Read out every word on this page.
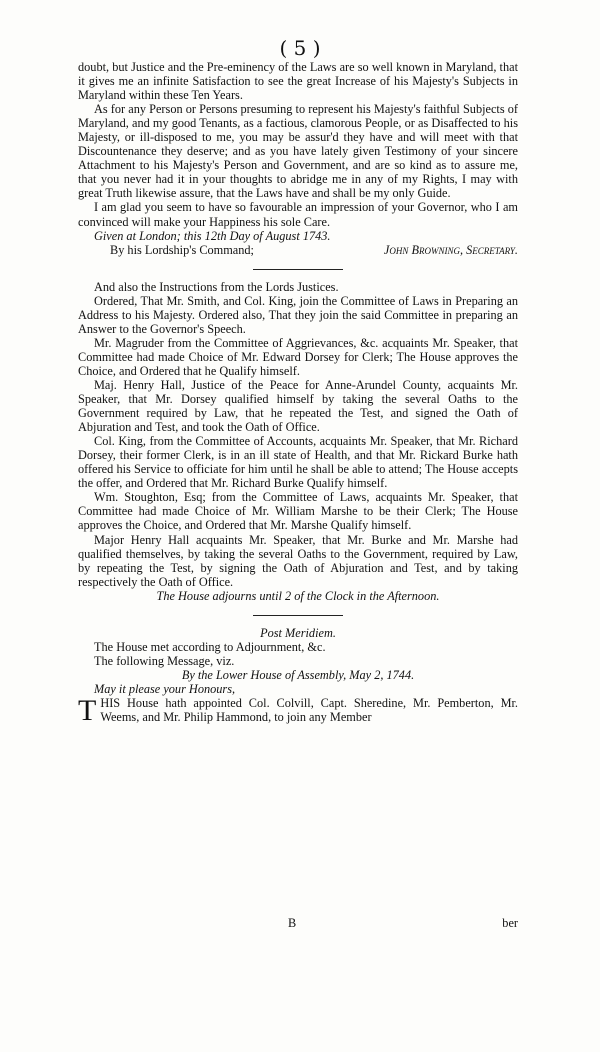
( 5 )

doubt, but Justice and the Pre-eminency of the Laws are so well known in Maryland, that it gives me an infinite Satisfaction to see the great Increase of his Majesty's Subjects in Maryland within these Ten Years.

As for any Person or Persons presuming to represent his Majesty's faithful Subjects of Maryland, and my good Tenants, as a factious, clamorous People, or as Disaffected to his Majesty, or ill-disposed to me, you may be assur'd they have and will meet with that Discountenance they deserve; and as you have lately given Testimony of your sincere Attachment to his Majesty's Person and Government, and are so kind as to assure me, that you never had it in your thoughts to abridge me in any of my Rights, I may with great Truth likewise assure, that the Laws have and shall be my only Guide.

I am glad you seem to have so favourable an impression of your Governor, who I am convinced will make your Happiness his sole Care.

Given at London; this 12th Day of August 1743.

By his Lordship's Command;	John Browning, Secretary.

And also the Instructions from the Lords Justices.

Ordered, That Mr. Smith, and Col. King, join the Committee of Laws in Preparing an Address to his Majesty. Ordered also, That they join the said Committee in preparing an Answer to the Governor's Speech.

Mr. Magruder from the Committee of Aggrievances, &c. acquaints Mr. Speaker, that Committee had made Choice of Mr. Edward Dorsey for Clerk; The House approves the Choice, and Ordered that he Qualify himself.

Maj. Henry Hall, Justice of the Peace for Anne-Arundel County, acquaints Mr. Speaker, that Mr. Dorsey qualified himself by taking the several Oaths to the Government required by Law, that he repeated the Test, and signed the Oath of Abjuration and Test, and took the Oath of Office.

Col. King, from the Committee of Accounts, acquaints Mr. Speaker, that Mr. Richard Dorsey, their former Clerk, is in an ill state of Health, and that Mr. Rickard Burke hath offered his Service to officiate for him until he shall be able to attend; The House accepts the offer, and Ordered that Mr. Richard Burke Qualify himself.

Wm. Stoughton, Esq; from the Committee of Laws, acquaints Mr. Speaker, that Committee had made Choice of Mr. William Marshe to be their Clerk; The House approves the Choice, and Ordered that Mr. Marshe Qualify himself.

Major Henry Hall acquaints Mr. Speaker, that Mr. Burke and Mr. Marshe had qualified themselves, by taking the several Oaths to the Government, required by Law, by repeating the Test, by signing the Oath of Abjuration and Test, and by taking respectively the Oath of Office.

The House adjourns until 2 of the Clock in the Afternoon.

Post Meridiem.

The House met according to Adjournment, &c.

The following Message, viz.

By the Lower House of Assembly, May 2, 1744.

May it please your Honours,

T HIS House hath appointed Col. Colvill, Capt. Sheredine, Mr. Pemberton, Mr. Weems, and Mr. Philip Hammond, to join any Member

B	ber
